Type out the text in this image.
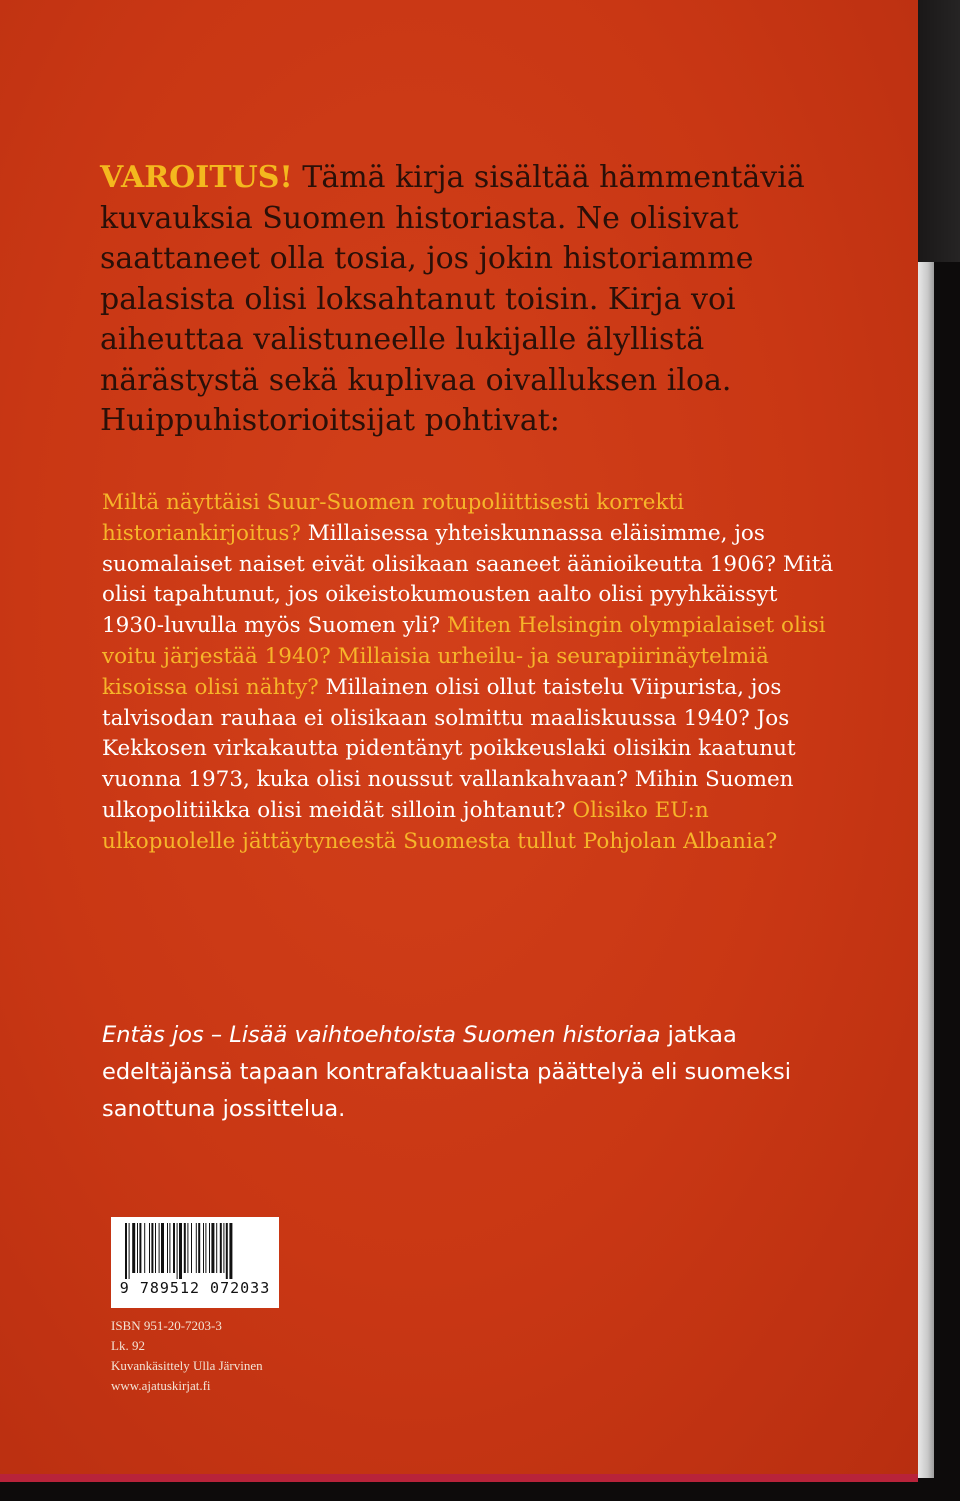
VAROITUS! Tämä kirja sisältää hämmentäviä kuvauksia Suomen historiasta. Ne olisivat saattaneet olla tosia, jos jokin historiamme palasista olisi loksahtanut toisin. Kirja voi aiheuttaa valistuneelle lukijalle älyllistä närästystä sekä kuplivaa oivalluksen iloa. Huippuhistorioitsijat pohtivat:

Miltä näyttäisi Suur-Suomen rotupoliittisesti korrekti historiankirjoitus? Millaisessa yhteiskunnassa eläisimme, jos suomalaiset naiset eivät olisikaan saaneet äänioikeutta 1906? Mitä olisi tapahtunut, jos oikeistokumousten aalto olisi pyyhkäissyt 1930-luvulla myös Suomen yli? Miten Helsingin olympialaiset olisi voitu järjestää 1940? Millaisia urheilu- ja seurapiirinäytelmiä kisoissa olisi nähty? Millainen olisi ollut taistelu Viipurista, jos talvisodan rauhaa ei olisikaan solmittu maaliskuussa 1940? Jos Kekkosen virkakautta pidentänyt poikkeuslaki olisikin kaatunut vuonna 1973, kuka olisi noussut vallankahvaan? Mihin Suomen ulkopolitiikka olisi meidät silloin johtanut? Olisiko EU:n ulkopuolelle jättäytyneestä Suomesta tullut Pohjolan Albania?

Entäs jos – Lisää vaihtoehtoista Suomen historiaa jatkaa edeltäjänsä tapaan kontrafaktuaalista päättelyä eli suomeksi sanottuna jossittelua.

9 789512 072033
ISBN 951-20-7203-3
Lk. 92
Kuvankäsittely Ulla Järvinen
www.ajatuskirjat.fi
